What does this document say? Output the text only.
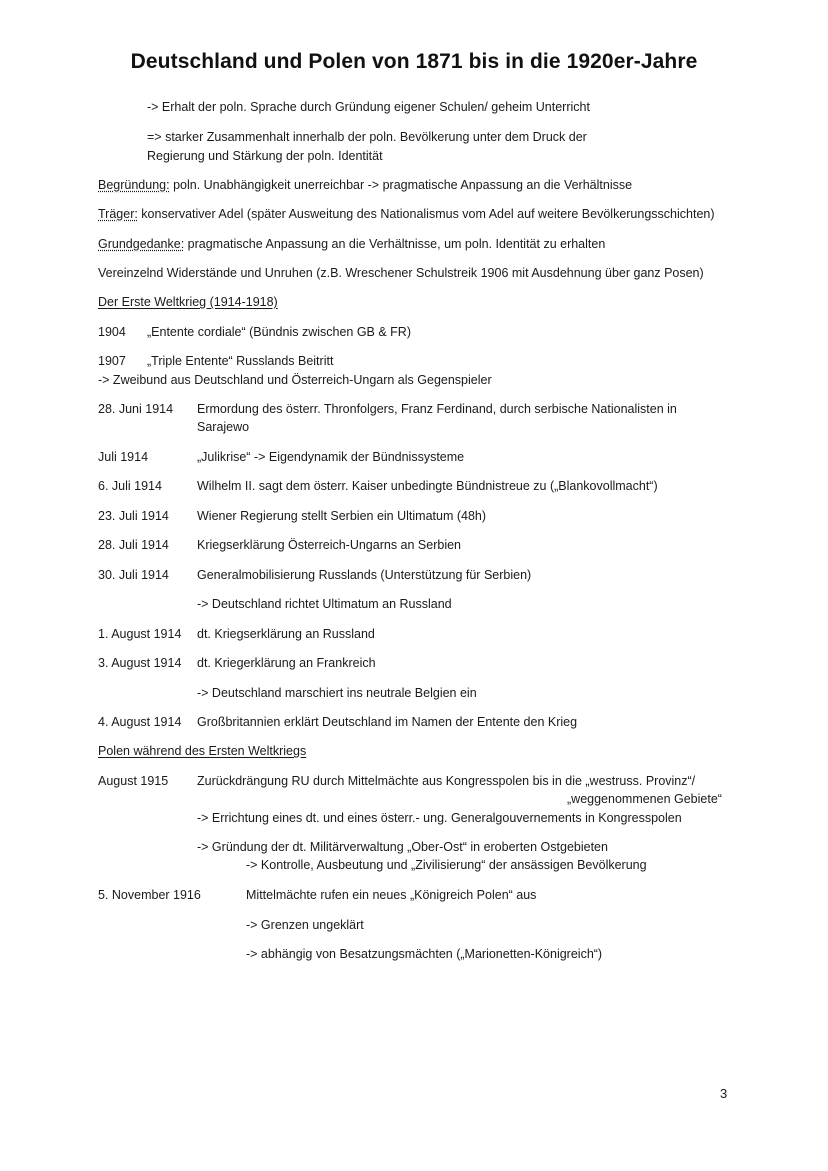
Deutschland und Polen von 1871 bis in die 1920er-Jahre
-> Erhalt der poln. Sprache durch Gründung eigener Schulen/ geheim Unterricht
=> starker Zusammenhalt innerhalb der poln. Bevölkerung unter dem Druck der
Regierung und Stärkung der poln. Identität
Begründung: poln. Unabhängigkeit unerreichbar -> pragmatische Anpassung an die Verhältnisse
Träger: konservativer Adel (später Ausweitung des Nationalismus vom Adel auf weitere Bevölkerungsschichten)
Grundgedanke: pragmatische Anpassung an die Verhältnisse, um poln. Identität zu erhalten
Vereinzelnd Widerstände und Unruhen (z.B. Wreschener Schulstreik 1906 mit Ausdehnung über ganz Posen)
Der Erste Weltkrieg (1914-1918)
1904 „Entente cordiale“ (Bündnis zwischen GB & FR)
1907 „Triple Entente“ Russlands Beitritt
-> Zweibund aus Deutschland und Österreich-Ungarn als Gegenspieler
28. Juni 1914 Ermordung des österr. Thronfolgers, Franz Ferdinand, durch serbische Nationalisten in
Sarajewo
Juli 1914	„Julikrise“ -> Eigendynamik der Bündnissysteme
6. Juli 1914	Wilhelm II. sagt dem österr. Kaiser unbedingte Bündnistreue zu („Blankovollmacht“)
23. Juli 1914 Wiener Regierung stellt Serbien ein Ultimatum (48h)
28. Juli 1914 Kriegserklärung Österreich-Ungarns an Serbien
30. Juli 1914 Generalmobilisierung Russlands (Unterstützung für Serbien)
-> Deutschland richtet Ultimatum an Russland
1. August 1914 dt. Kriegserklärung an Russland
3. August 1914 dt. Kriegerklärung an Frankreich
-> Deutschland marschiert ins neutrale Belgien ein
4. August 1914 Großbritannien erklärt Deutschland im Namen der Entente den Krieg
Polen während des Ersten Weltkriegs
August 1915 Zurückdrängung RU durch Mittelmächte aus Kongresspolen bis in die „westruss. Provinz“/
„weggenommenen Gebiete“
-> Errichtung eines dt. und eines österr.- ung. Generalgouvernements in Kongresspolen
-> Gründung der dt. Militärverwaltung „Ober-Ost“ in eroberten Ostgebieten
-> Kontrolle, Ausbeutung und „Zivilisierung“ der ansässigen Bevölkerung
5. November 1916	Mittelmächte rufen ein neues „Königreich Polen“ aus
-> Grenzen ungeklärt
-> abhängig von Besatzungsmächten („Marionetten-Königreich“)
3
